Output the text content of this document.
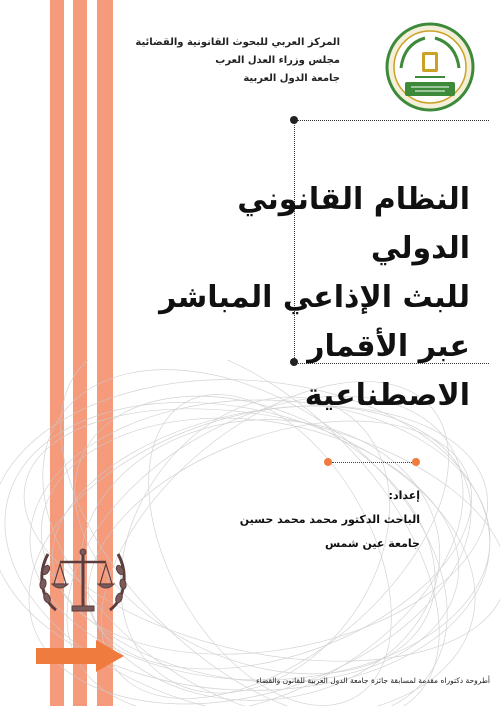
المركز العربي للبحوث القانونية والقضائية
مجلس وزراء العدل العرب
جامعة الدول العربية
النظام القانوني الدولي
للبث الإذاعي المباشر
عبر الأقمار الاصطناعية
إعداد:
الباحث الدكتور محمد محمد حسين
جامعة عين شمس
أطروحة دكتوراه مقدمة لمسابقة جائزة جامعة الدول العربية للقانون والقضاء
